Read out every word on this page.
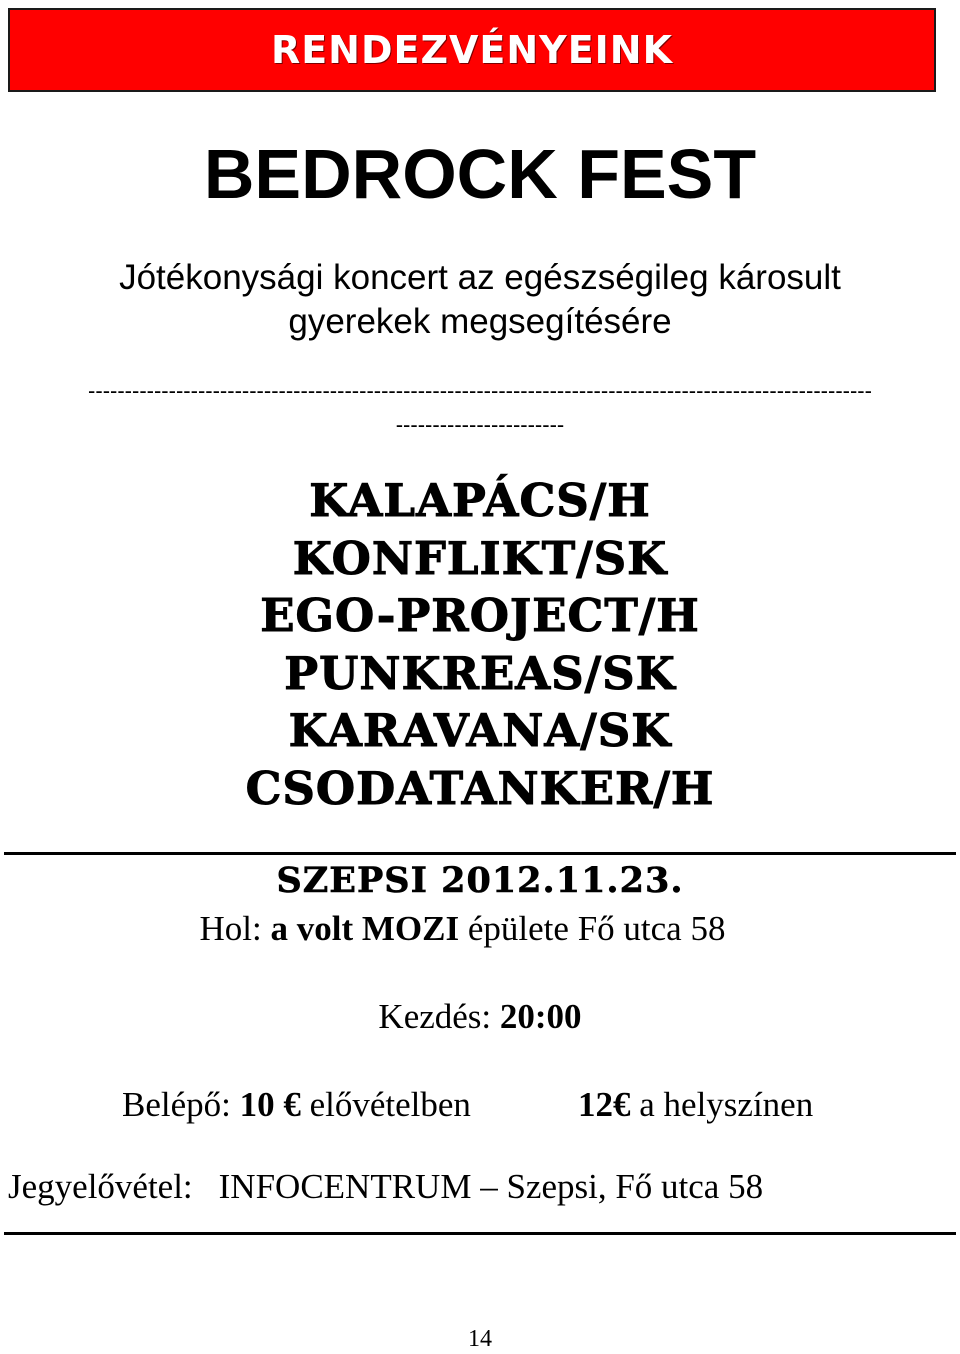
RENDEZVÉNYEINK
BEDROCK FEST
Jótékonysági koncert az egészségileg károsult
gyerekek megsegítésére
-----------------------------------------------------------------------------------------------------------
-----------------------
KALAPÁCS/H
KONFLIKT/SK
EGO-PROJECT/H
PUNKREAS/SK
KARAVANA/SK
CSODATANKER/H
SZEPSI 2012.11.23.
Hol: a volt MOZI épülete Fő utca 58
Kezdés: 20:00
Belépő: 10 € elővételben	12€ a helyszínen
Jegyelővétel: INFOCENTRUM – Szepsi, Fő utca 58
14
